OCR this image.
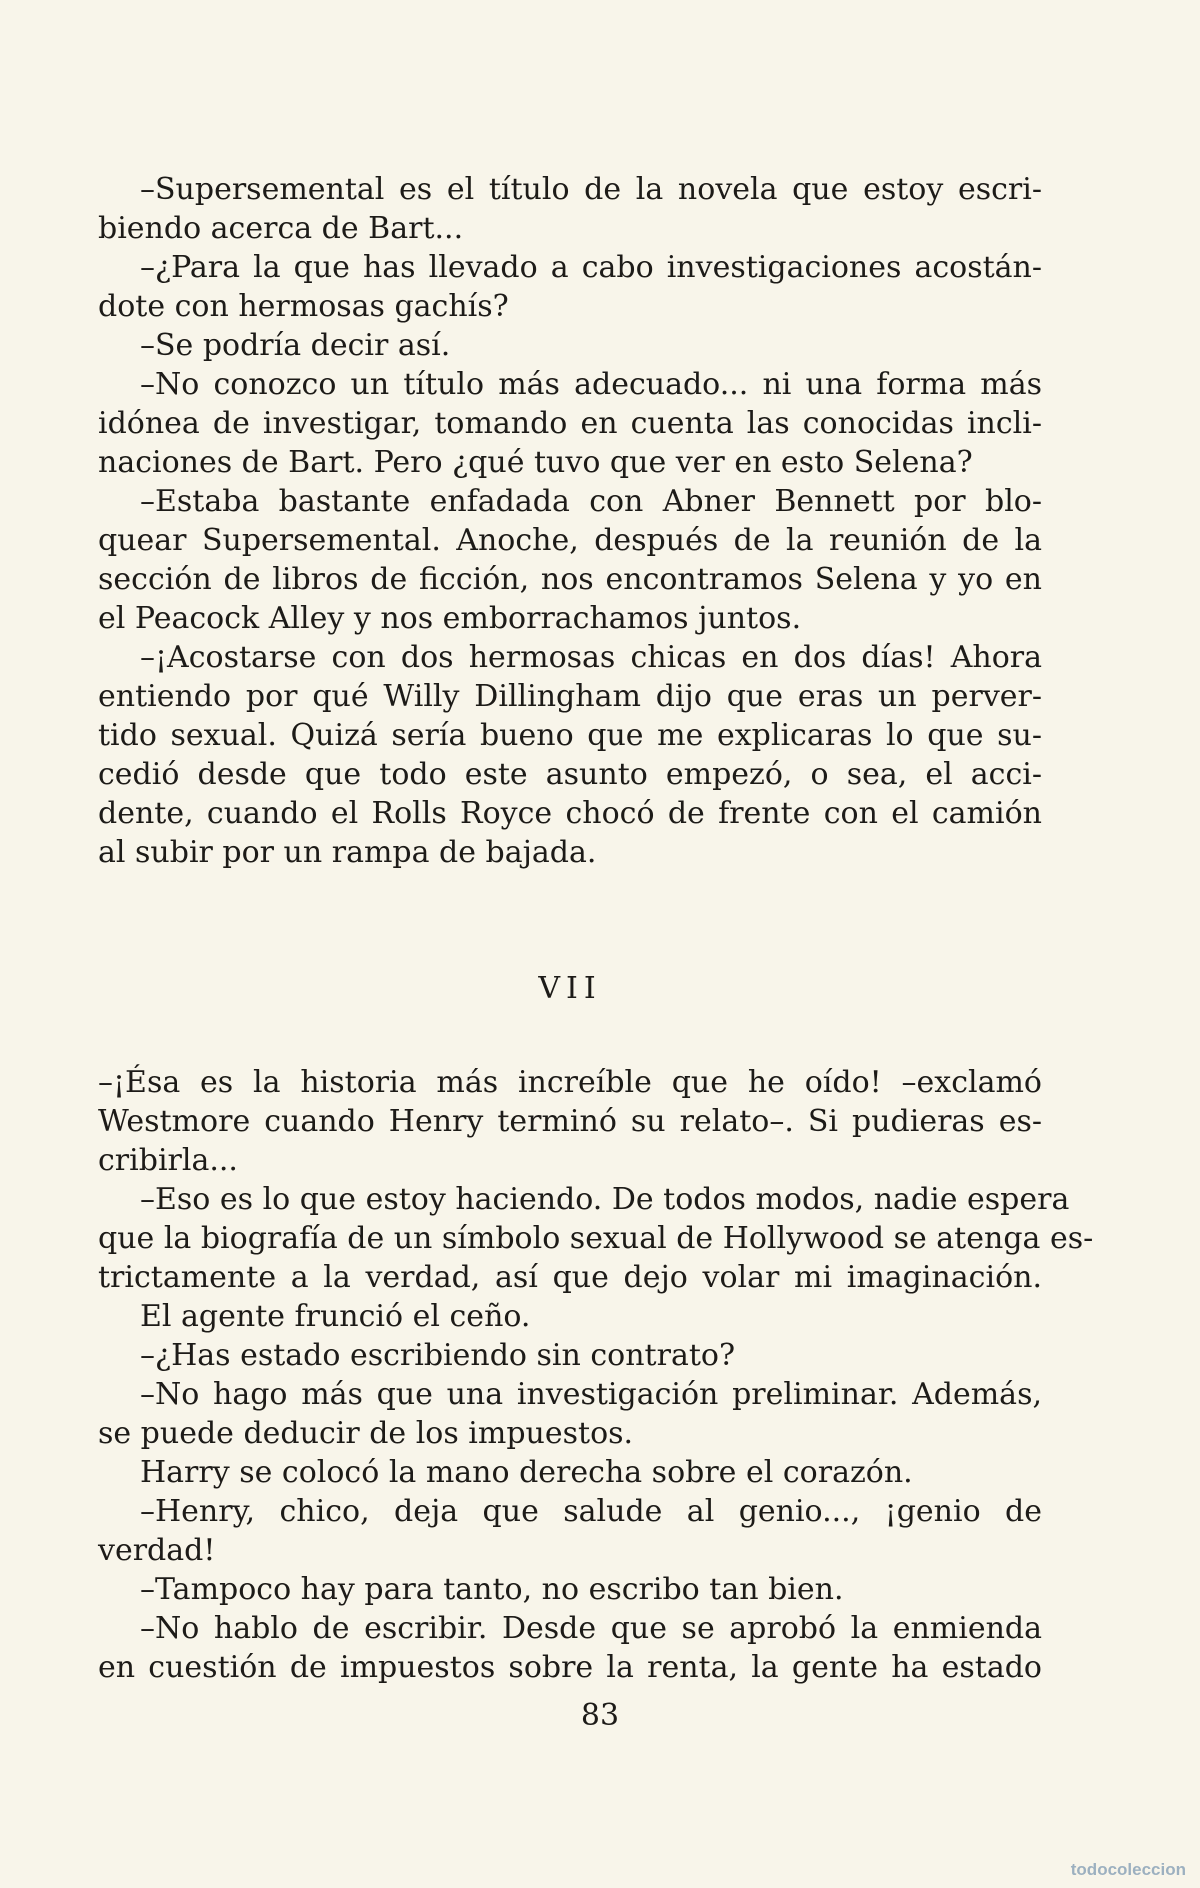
–Supersemental es el título de la novela que estoy escri-
biendo acerca de Bart...
–¿Para la que has llevado a cabo investigaciones acostán-
dote con hermosas gachís?
–Se podría decir así.
–No conozco un título más adecuado... ni una forma más
idónea de investigar, tomando en cuenta las conocidas incli-
naciones de Bart. Pero ¿qué tuvo que ver en esto Selena?
–Estaba bastante enfadada con Abner Bennett por blo-
quear Supersemental. Anoche, después de la reunión de la
sección de libros de ficción, nos encontramos Selena y yo en
el Peacock Alley y nos emborrachamos juntos.
–¡Acostarse con dos hermosas chicas en dos días! Ahora
entiendo por qué Willy Dillingham dijo que eras un perver-
tido sexual. Quizá sería bueno que me explicaras lo que su-
cedió desde que todo este asunto empezó, o sea, el acci-
dente, cuando el Rolls Royce chocó de frente con el camión
al subir por un rampa de bajada.
VII
–¡Ésa es la historia más increíble que he oído! –exclamó
Westmore cuando Henry terminó su relato–. Si pudieras es-
cribirla...
–Eso es lo que estoy haciendo. De todos modos, nadie espera
que la biografía de un símbolo sexual de Hollywood se atenga es-
trictamente a la verdad, así que dejo volar mi imaginación.
El agente frunció el ceño.
–¿Has estado escribiendo sin contrato?
–No hago más que una investigación preliminar. Además,
se puede deducir de los impuestos.
Harry se colocó la mano derecha sobre el corazón.
–Henry, chico, deja que salude al genio..., ¡genio de
verdad!
–Tampoco hay para tanto, no escribo tan bien.
–No hablo de escribir. Desde que se aprobó la enmienda
en cuestión de impuestos sobre la renta, la gente ha estado
83
todocoleccion
